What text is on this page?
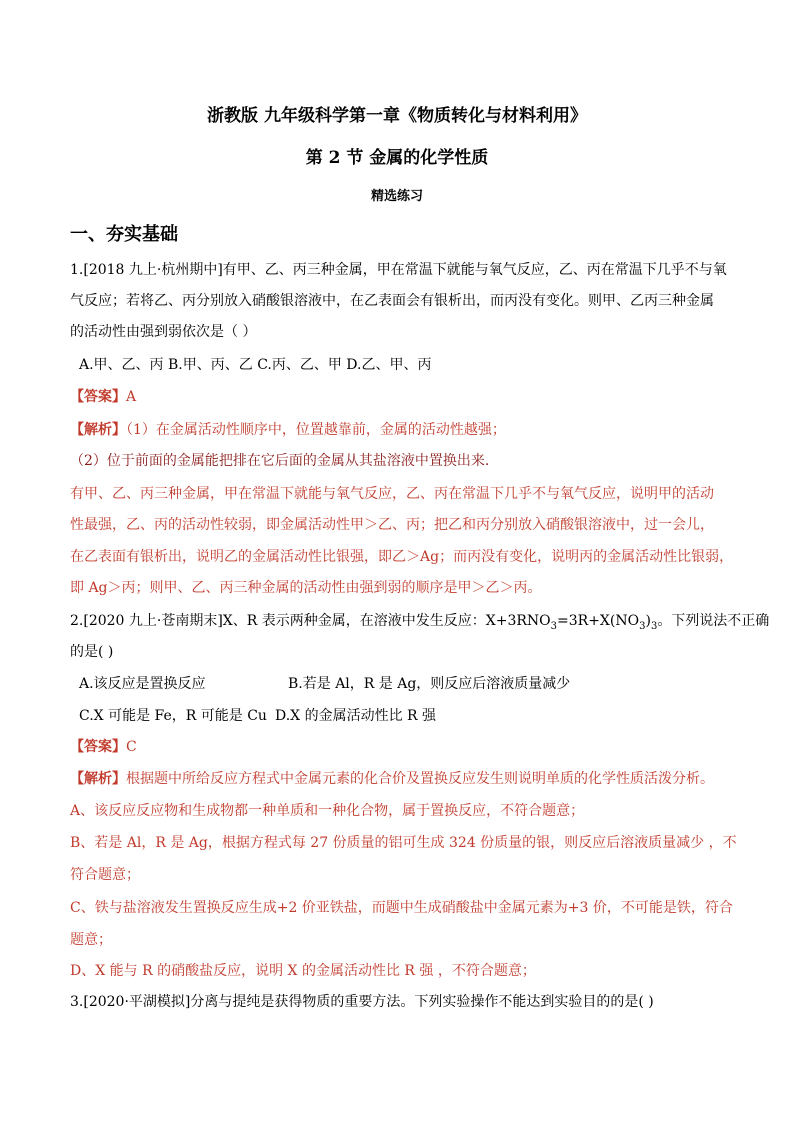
浙教版 九年级科学第一章《物质转化与材料利用》
第 2 节 金属的化学性质
精选练习
一、夯实基础
1.[2018 九上·杭州期中]有甲、乙、丙三种金属，甲在常温下就能与氧气反应，乙、丙在常温下几乎不与氧
气反应；若将乙、丙分别放入硝酸银溶液中，在乙表面会有银析出，而丙没有变化。则甲、乙丙三种金属
的活动性由强到弱依次是（ ）
A.甲、乙、丙 B.甲、丙、乙 C.丙、乙、甲 D.乙、甲、丙
【答案】A
【解析】（1）在金属活动性顺序中，位置越靠前，金属的活动性越强；
（2）位于前面的金属能把排在它后面的金属从其盐溶液中置换出来.
有甲、乙、丙三种金属，甲在常温下就能与氧气反应，乙、丙在常温下几乎不与氧气反应，说明甲的活动
性最强，乙、丙的活动性较弱，即金属活动性甲＞乙、丙；把乙和丙分别放入硝酸银溶液中，过一会儿，
在乙表面有银析出，说明乙的金属活动性比银强，即乙＞Ag；而丙没有变化，说明丙的金属活动性比银弱，
即 Ag＞丙；则甲、乙、丙三种金属的活动性由强到弱的顺序是甲＞乙＞丙。
2.[2020 九上·苍南期末]X、R 表示两种金属，在溶液中发生反应：$X+3RNO_3=3R+X(NO_3)_3$。下列说法不正确
的是( )
A.该反应是置换反应	B.若是 Al，R 是 Ag，则反应后溶液质量减少
C.X 可能是 Fe，R 可能是 Cu D.X 的金属活动性比 R 强
【答案】C
【解析】根据题中所给反应方程式中金属元素的化合价及置换反应发生则说明单质的化学性质活泼分析。
A、该反应反应物和生成物都一种单质和一种化合物，属于置换反应，不符合题意；
B、若是 Al，R 是 Ag，根据方程式每 27 份质量的铝可生成 324 份质量的银，则反应后溶液质量减少 ，不
符合题意；
C、铁与盐溶液发生置换反应生成+2 价亚铁盐，而题中生成硝酸盐中金属元素为+3 价，不可能是铁，符合
题意；
D、X 能与 R 的硝酸盐反应，说明 X 的金属活动性比 R 强 ，不符合题意；
3.[2020·平湖模拟]分离与提纯是获得物质的重要方法。下列实验操作不能达到实验目的的是( )
